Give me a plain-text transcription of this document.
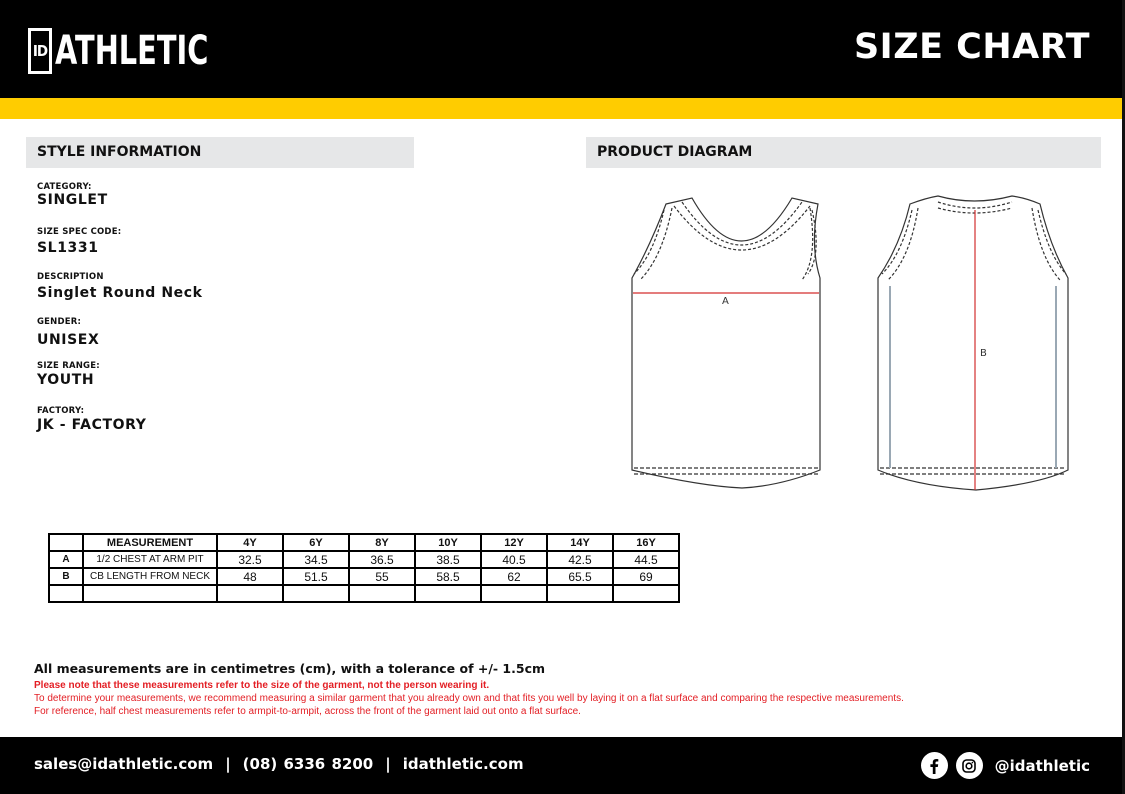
ID ATHLETIC	SIZE CHART
STYLE INFORMATION
CATEGORY:
SINGLET
SIZE SPEC CODE:
SL1331
DESCRIPTION
Singlet Round Neck
GENDER:
UNISEX
SIZE RANGE:
YOUTH
FACTORY:
JK - FACTORY
PRODUCT DIAGRAM
A
B
	MEASUREMENT	4Y	6Y	8Y	10Y	12Y	14Y	16Y
A	1/2 CHEST AT ARM PIT	32.5	34.5	36.5	38.5	40.5	42.5	44.5
B	CB LENGTH FROM NECK	48	51.5	55	58.5	62	65.5	69

All measurements are in centimetres (cm), with a tolerance of +/- 1.5cm
Please note that these measurements refer to the size of the garment, not the person wearing it.
To determine your measurements, we recommend measuring a similar garment that you already own and that fits you well by laying it on a flat surface and comparing the respective measurements.
For reference, half chest measurements refer to armpit-to-armpit, across the front of the garment laid out onto a flat surface.
sales@idathletic.com | (08) 6336 8200 | idathletic.com	@idathletic
